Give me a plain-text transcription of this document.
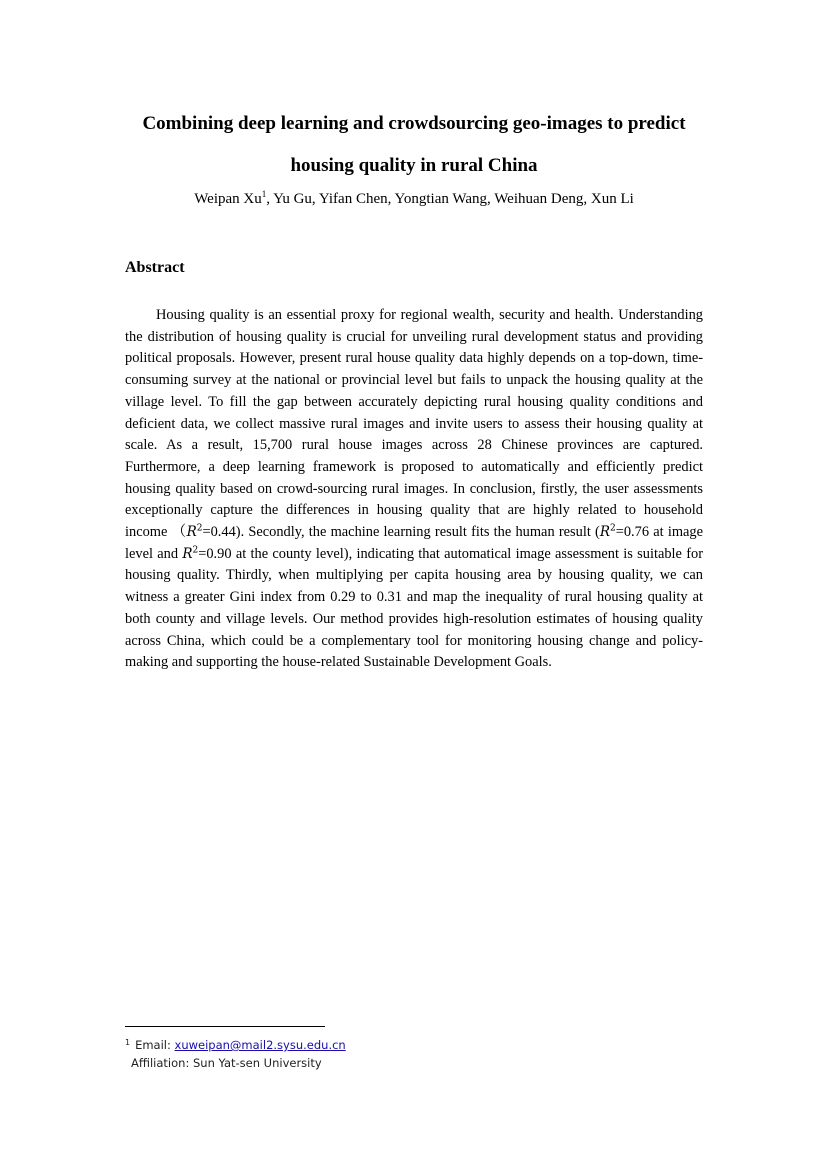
Combining deep learning and crowdsourcing geo-images to predict
housing quality in rural China

Weipan Xu$^1$, Yu Gu, Yifan Chen, Yongtian Wang, Weihuan Deng, Xun Li

Abstract

Housing quality is an essential proxy for regional wealth, security and health. Understanding the distribution of housing quality is crucial for unveiling rural development status and providing political proposals. However, present rural house quality data highly depends on a top-down, time-consuming survey at the national or provincial level but fails to unpack the housing quality at the village level. To fill the gap between accurately depicting rural housing quality conditions and deficient data, we collect massive rural images and invite users to assess their housing quality at scale. As a result, 15,700 rural house images across 28 Chinese provinces are captured. Furthermore, a deep learning framework is proposed to automatically and efficiently predict housing quality based on crowd-sourcing rural images. In conclusion, firstly, the user assessments exceptionally capture the differences in housing quality that are highly related to household income $(R^2=0.44)$. Secondly, the machine learning result fits the human result ($R^2=0.76$ at image level and $R^2=0.90$ at the county level), indicating that automatical image assessment is suitable for housing quality. Thirdly, when multiplying per capita housing area by housing quality, we can witness a greater Gini index from 0.29 to 0.31 and map the inequality of rural housing quality at both county and village levels. Our method provides high-resolution estimates of housing quality across China, which could be a complementary tool for monitoring housing change and policy-making and supporting the house-related Sustainable Development Goals.

$^1$ Email: xuweipan@mail2.sysu.edu.cn
Affiliation: Sun Yat-sen University
